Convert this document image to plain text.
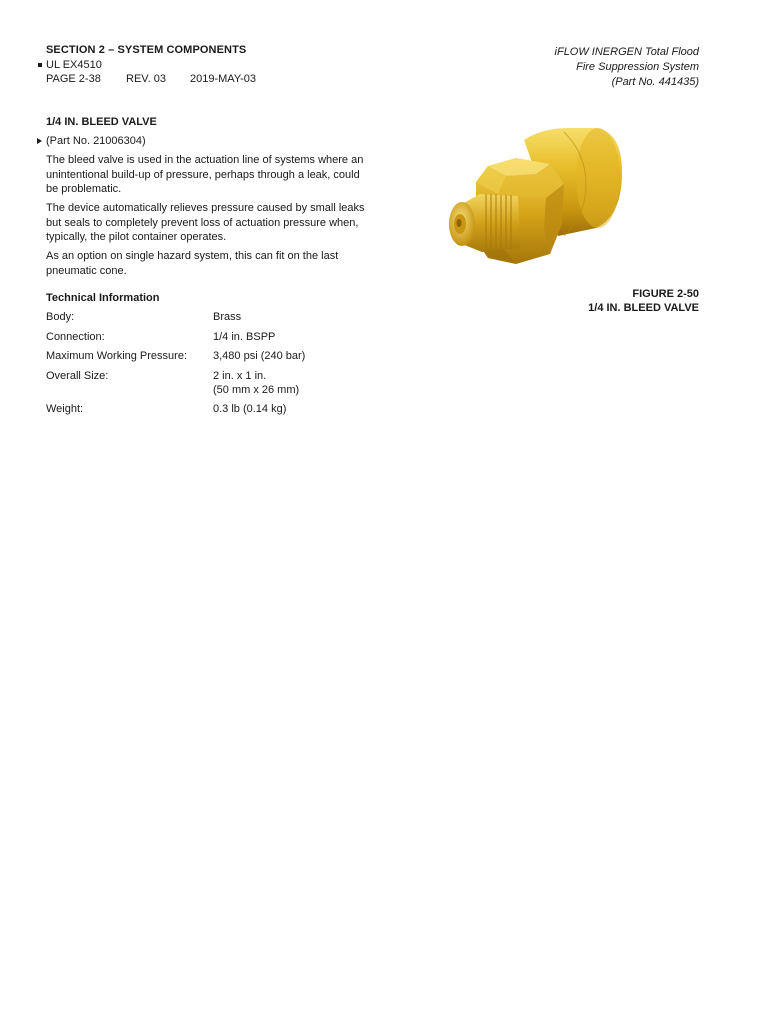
SECTION 2 – SYSTEM COMPONENTS
UL EX4510
PAGE 2-38 REV. 03 2019-MAY-03
iFLOW INERGEN Total Flood
Fire Suppression System
(Part No. 441435)
1/4 IN. BLEED VALVE
(Part No. 21006304)
The bleed valve is used in the actuation line of systems where an unintentional build-up of pressure, perhaps through a leak, could be problematic.
The device automatically relieves pressure caused by small leaks but seals to completely prevent loss of actuation pressure when, typically, the pilot container operates.
As an option on single hazard system, this can fit on the last pneumatic cone.
Technical Information
Body:	Brass
Connection:	1/4 in. BSPP
Maximum Working Pressure: 3,480 psi (240 bar)
Overall Size:	2 in. x 1 in.
(50 mm x 26 mm)
Weight:	0.3 lb (0.14 kg)
FIGURE 2-50
1/4 IN. BLEED VALVE
